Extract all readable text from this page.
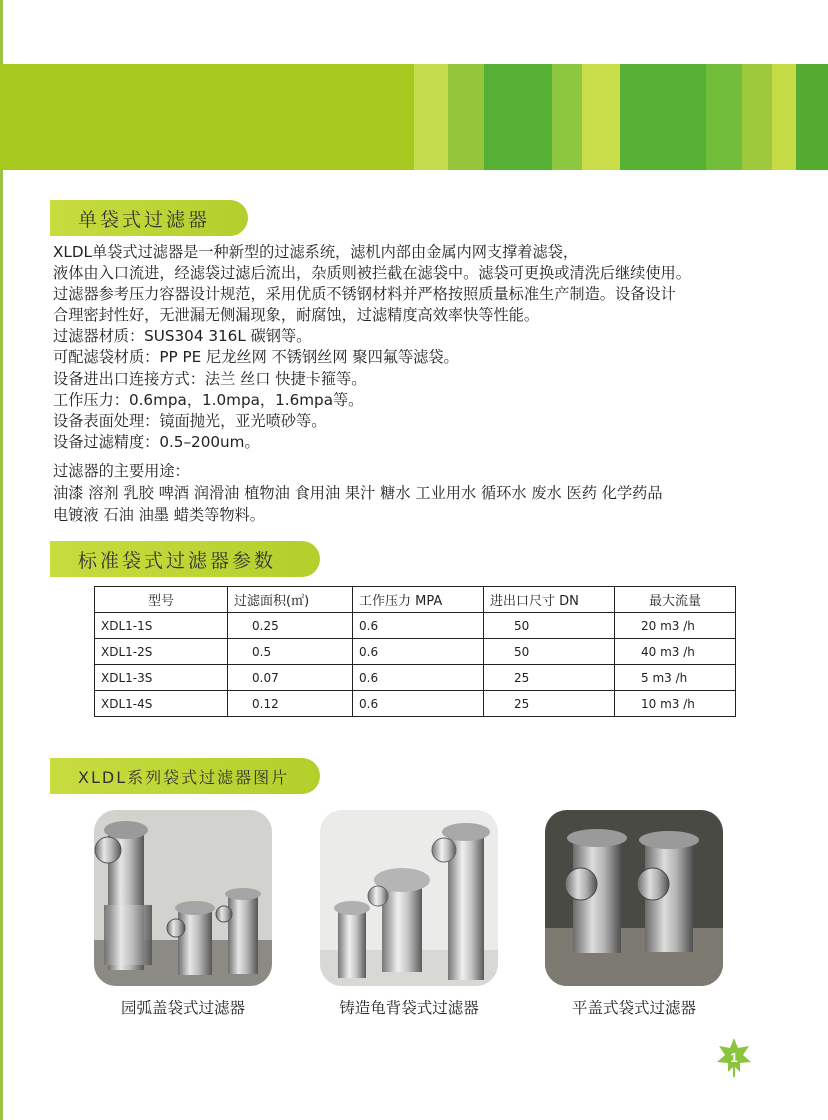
单袋式过滤器

XLDL单袋式过滤器是一种新型的过滤系统，滤机内部由金属内网支撑着滤袋，

液体由入口流进，经滤袋过滤后流出，杂质则被拦截在滤袋中。滤袋可更换或清洗后继续使用。

过滤器参考压力容器设计规范，采用优质不锈钢材料并严格按照质量标准生产制造。设备设计

合理密封性好，无泄漏无侧漏现象，耐腐蚀，过滤精度高效率快等性能。

过滤器材质：SUS304 316L 碳钢等。

可配滤袋材质：PP PE 尼龙丝网 不锈钢丝网 聚四氟等滤袋。

设备进出口连接方式：法兰 丝口 快捷卡箍等。

工作压力：0.6mpa，1.0mpa，1.6mpa等。

设备表面处理：镜面抛光，亚光喷砂等。

设备过滤精度：0.5–200um。

过滤器的主要用途：

油漆 溶剂 乳胶 啤酒 润滑油 植物油 食用油 果汁 糖水 工业用水 循环水 废水 医药 化学药品

电镀液 石油 油墨 蜡类等物料。

标准袋式过滤器参数
型号	过滤面积(㎡)	工作压力 MPA	进出口尺寸 DN	最大流量
XDL1-1S	0.25	0.6	50	20 m3 /h
XDL1-2S	0.5	0.6	50	40 m3 /h
XDL1-3S	0.07	0.6	25	5 m3 /h
XDL1-4S	0.12	0.6	25	10 m3 /h
XLDL系列袋式过滤器图片
园弧盖袋式过滤器	铸造龟背袋式过滤器	平盖式袋式过滤器
1
